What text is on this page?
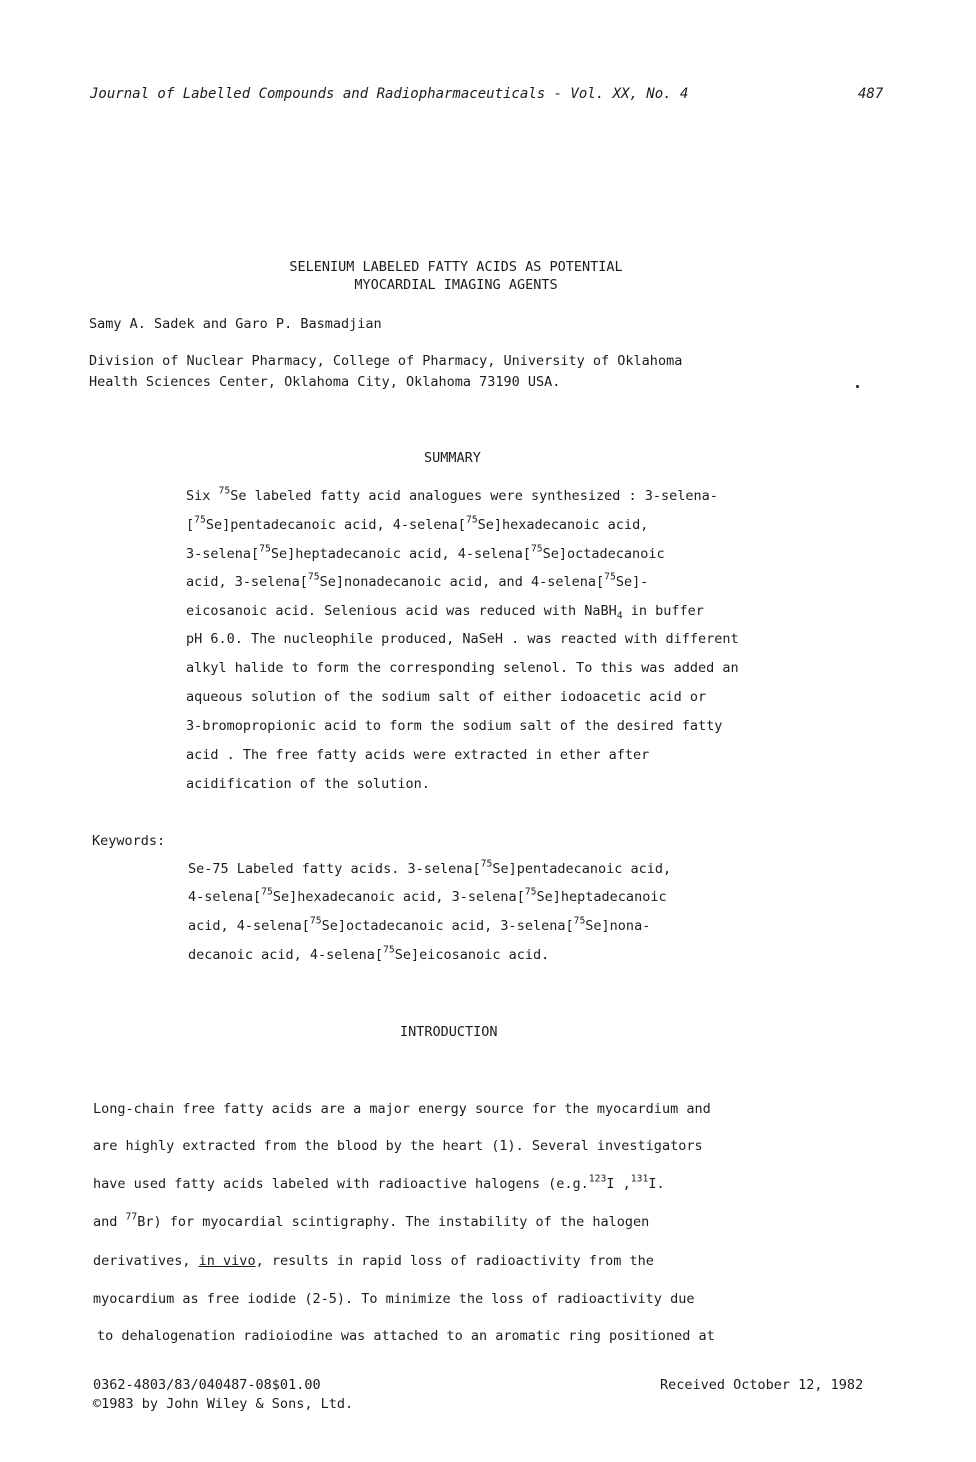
Journal of Labelled Compounds and Radiopharmaceuticals - Vol. XX, No. 4	487
SELENIUM LABELED FATTY ACIDS AS POTENTIAL
MYOCARDIAL IMAGING AGENTS
Samy A. Sadek and Garo P. Basmadjian
Division of Nuclear Pharmacy, College of Pharmacy, University of Oklahoma
Health Sciences Center, Oklahoma City, Oklahoma 73190 USA.
SUMMARY

Six $^{75}$Se labeled fatty acid analogues were synthesized : 3-selena-

[$^{75}$Se]pentadecanoic acid, 4-selena[$^{75}$Se]hexadecanoic acid,

3-selena[$^{75}$Se]heptadecanoic acid, 4-selena[$^{75}$Se]octadecanoic

acid, 3-selena[$^{75}$Se]nonadecanoic acid, and 4-selena[$^{75}$Se]-

eicosanoic acid. Selenious acid was reduced with NaBH$_4$ in buffer

pH 6.0. The nucleophile produced, NaSeH . was reacted with different

alkyl halide to form the corresponding selenol. To this was added an

aqueous solution of the sodium salt of either iodoacetic acid or

3-bromopropionic acid to form the sodium salt of the desired fatty

acid . The free fatty acids were extracted in ether after

acidification of the solution.

Keywords:

Se-75 Labeled fatty acids. 3-selena[$^{75}$Se]pentadecanoic acid,

4-selena[$^{75}$Se]hexadecanoic acid, 3-selena[$^{75}$Se]heptadecanoic

acid, 4-selena[$^{75}$Se]octadecanoic acid, 3-selena[$^{75}$Se]nona-

decanoic acid, 4-selena[$^{75}$Se]eicosanoic acid.

INTRODUCTION
Long-chain free fatty acids are a major energy source for the myocardium and
are highly extracted from the blood by the heart (1). Several investigators
have used fatty acids labeled with radioactive halogens (e.g.$^{123}$I ,$^{131}$I.
and $^{77}$Br) for myocardial scintigraphy. The instability of the halogen
derivatives, in vivo, results in rapid loss of radioactivity from the
myocardium as free iodide (2-5). To minimize the loss of radioactivity due
to dehalogenation radioiodine was attached to an aromatic ring positioned at
0362-4803/83/040487-08$01.00
©1983 by John Wiley & Sons, Ltd.
Received October 12, 1982
